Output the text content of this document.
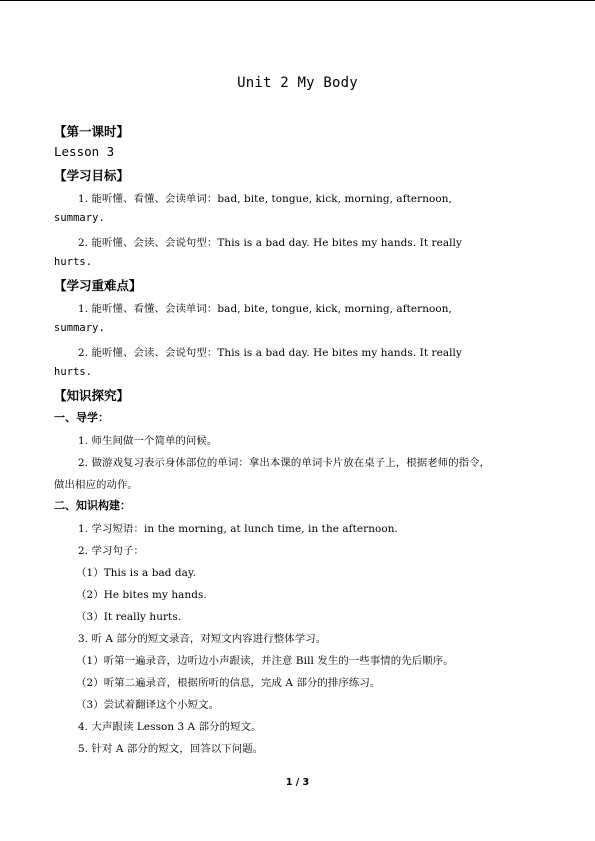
Unit 2 My Body
【第一课时】
Lesson 3
【学习目标】
1. 能听懂、看懂、会读单词：bad, bite, tongue, kick, morning, afternoon,
summary.
2. 能听懂、会读、会说句型：This is a bad day. He bites my hands. It really
hurts.
【学习重难点】
1. 能听懂、看懂、会读单词：bad, bite, tongue, kick, morning, afternoon,
summary.
2. 能听懂、会读、会说句型：This is a bad day. He bites my hands. It really
hurts.
【知识探究】
一、导学：
1. 师生间做一个简单的问候。
2. 做游戏复习表示身体部位的单词：拿出本课的单词卡片放在桌子上，根据老师的指令，
做出相应的动作。
二、知识构建：
1. 学习短语：in the morning, at lunch time, in the afternoon.
2. 学习句子：
（1）This is a bad day.
（2）He bites my hands.
（3）It really hurts.
3. 听 A 部分的短文录音，对短文内容进行整体学习。
（1）听第一遍录音，边听边小声跟读，并注意 Bill 发生的一些事情的先后顺序。
（2）听第二遍录音，根据所听的信息，完成 A 部分的排序练习。
（3）尝试着翻译这个小短文。
4. 大声跟读 Lesson 3 A 部分的短文。
5. 针对 A 部分的短文，回答以下问题。
1 / 3
